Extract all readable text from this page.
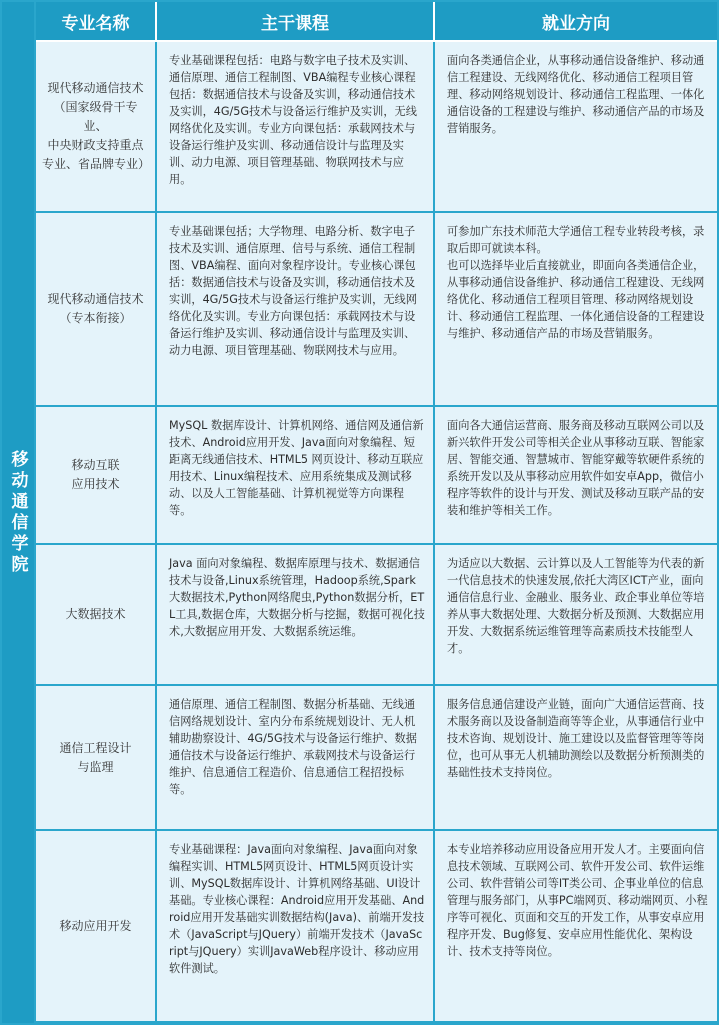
移动通信学院
专业名称	主干课程	就业方向

现代移动通信技术
（国家级骨干专业、
中央财政支持重点
专业、省品牌专业）	专业基础课程包括：电路与数字电子技术及实训、通信原理、通信工程制图、VBA编程专业核心课程包括：数据通信技术与设备及实训，移动通信技术及实训，4G/5G技术与设备运行维护及实训，无线网络优化及实训。专业方向课包括：承载网技术与设备运行维护及实训、移动通信设计与监理及实训、动力电源、项目管理基础、物联网技术与应用。	面向各类通信企业，从事移动通信设备维护、移动通信工程建设、无线网络优化、移动通信工程项目管理、移动网络规划设计、移动通信工程监理、一体化通信设备的工程建设与维护、移动通信产品的市场及营销服务。

现代移动通信技术
（专本衔接）	专业基础课包括；大学物理、电路分析、数字电子技术及实训、通信原理、信号与系统、通信工程制图、VBA编程、面向对象程序设计。专业核心课包括：数据通信技术与设备及实训，移动通信技术及实训，4G/5G技术与设备运行维护及实训，无线网络优化及实训。专业方向课包括：承载网技术与设备运行维护及实训、移动通信设计与监理及实训、动力电源、项目管理基础、物联网技术与应用。	可参加广东技术师范大学通信工程专业转段考核，录取后即可就读本科。
也可以选择毕业后直接就业，即面向各类通信企业，从事移动通信设备维护、移动通信工程建设、无线网络优化、移动通信工程项目管理、移动网络规划设计、移动通信工程监理、一体化通信设备的工程建设与维护、移动通信产品的市场及营销服务。

移动互联
应用技术	MySQL 数据库设计、计算机网络、通信网及通信新技术、Android应用开发、Java面向对象编程、短距离无线通信技术、HTML5 网页设计、移动互联应用技术、Linux编程技术、应用系统集成及测试移动、以及人工智能基础、计算机视觉等方向课程等。	面向各大通信运营商、服务商及移动互联网公司以及新兴软件开发公司等相关企业从事移动互联、智能家居、智能交通、智慧城市、智能穿戴等软硬件系统的系统开发以及从事移动应用软件如安卓App，微信小程序等软件的设计与开发、测试及移动互联产品的安装和维护等相关工作。

大数据技术	Java 面向对象编程、数据库原理与技术、数据通信技术与设备,Linux系统管理，Hadoop系统,Spark大数据技术,Python网络爬虫,Python数据分析，ETL工具,数据仓库，大数据分析与挖掘，数据可视化技术,大数据应用开发、大数据系统运维。	为适应以大数据、云计算以及人工智能等为代表的新一代信息技术的快速发展,依托大湾区ICT产业，面向通信信息行业、金融业、服务业、政企事业单位等培养从事大数据处理、大数据分析及预测、大数据应用开发、大数据系统运维管理等高素质技术技能型人才。

通信工程设计
与监理	通信原理、通信工程制图、数据分析基础、无线通信网络规划设计、室内分布系统规划设计、无人机辅助勘察设计、4G/5G技术与设备运行维护、数据通信技术与设备运行维护、承载网技术与设备运行维护、信息通信工程造价、信息通信工程招投标等。	服务信息通信建设产业链，面向广大通信运营商、技术服务商以及设备制造商等等企业，从事通信行业中技术咨询、规划设计、施工建设以及监督管理等等岗位，也可从事无人机辅助测绘以及数据分析预测类的基础性技术支持岗位。

移动应用开发	专业基础课程：Java面向对象编程、Java面向对象编程实训、HTML5网页设计、HTML5网页设计实训、MySQL数据库设计、计算机网络基础、UI设计基础。专业核心课程：Android应用开发基础、Android应用开发基础实训数据结构(Java)、前端开发技术（JavaScript与JQuery）前端开发技术（JavaScript与JQuery）实训JavaWeb程序设计、移动应用软件测试。	本专业培养移动应用设备应用开发人才。主要面向信息技术领域、互联网公司、软件开发公司、软件运维公司、软件营销公司等IT类公司、企事业单位的信息管理与服务部门，从事PC端网页、移动端网页、小程序等可视化、页面和交互的开发工作，从事安卓应用程序开发、Bug修复、安卓应用性能优化、架构设计、技术支持等岗位。
